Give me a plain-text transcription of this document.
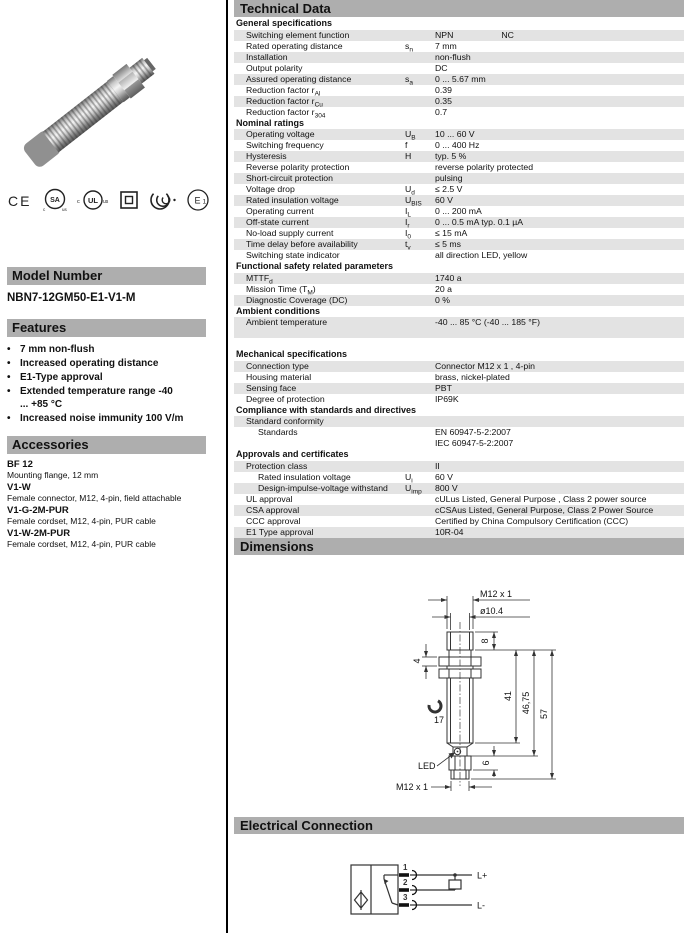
CE	SA
c	us
c UL us	E 1
Model Number
NBN7-12GM50-E1-V1-M
Features
• 7 mm non-flush
• Increased operating distance
• E1-Type approval
• Extended temperature range -40 ... +85 °C
• Increased noise immunity 100 V/m
Accessories
BF 12
Mounting flange, 12 mm
V1-W
Female connector, M12, 4-pin, field attachable
V1-G-2M-PUR
Female cordset, M12, 4-pin, PUR cable
V1-W-2M-PUR
Female cordset, M12, 4-pin, PUR cable
Technical Data
General specifications
Switching element function	NPN	NC
Rated operating distance	$s_n$	7 mm
Installation	non-flush
Output polarity	DC
Assured operating distance	$s_a$	0 ... 5.67 mm
Reduction factor $r_{Al}$	0.39
Reduction factor $r_{Cu}$	0.35
Reduction factor $r_{304}$	0.7
Nominal ratings
Operating voltage	$U_B$	10 ... 60 V
Switching frequency	f	0 ... 400 Hz
Hysteresis	H	typ. 5 %
Reverse polarity protection	reverse polarity protected
Short-circuit protection	pulsing
Voltage drop	$U_d$	≤ 2.5 V
Rated insulation voltage	$U_{BIS}$	60 V
Operating current	$I_L$	0 ... 200 mA
Off-state current	$I_r$	0 ... 0.5 mA typ. 0.1 µA
No-load supply current	$I_0$	≤ 15 mA
Time delay before availability	$t_v$	≤ 5 ms
Switching state indicator	all direction LED, yellow
Functional safety related parameters
$MTTF_d$	1740 a
Mission Time $(T_M)$	20 a
Diagnostic Coverage (DC)	0 %
Ambient conditions
Ambient temperature	-40 ... 85 °C (-40 ... 185 °F)
Mechanical specifications
Connection type	Connector M12 x 1 , 4-pin
Housing material	brass, nickel-plated
Sensing face	PBT
Degree of protection	IP69K
Compliance with standards and directives
Standard conformity
Standards	EN 60947-5-2:2007
IEC 60947-5-2:2007
Approvals and certificates
Protection class	II
Rated insulation voltage	$U_i$	60 V
Design-impulse-voltage withstand	$U_{imp}$	800 V
UL approval	cULus Listed, General Purpose , Class 2 power source
CSA approval	cCSAus Listed, General Purpose, Class 2 Power Source
CCC approval	Certified by China Compulsory Certification (CCC)
E1 Type approval	10R-04
Dimensions
M12 x 1
ø10.4
8
41 46,75 57
4
6
M12 x 1
LED
17
Electrical Connection
1
2
3
L+
L-
